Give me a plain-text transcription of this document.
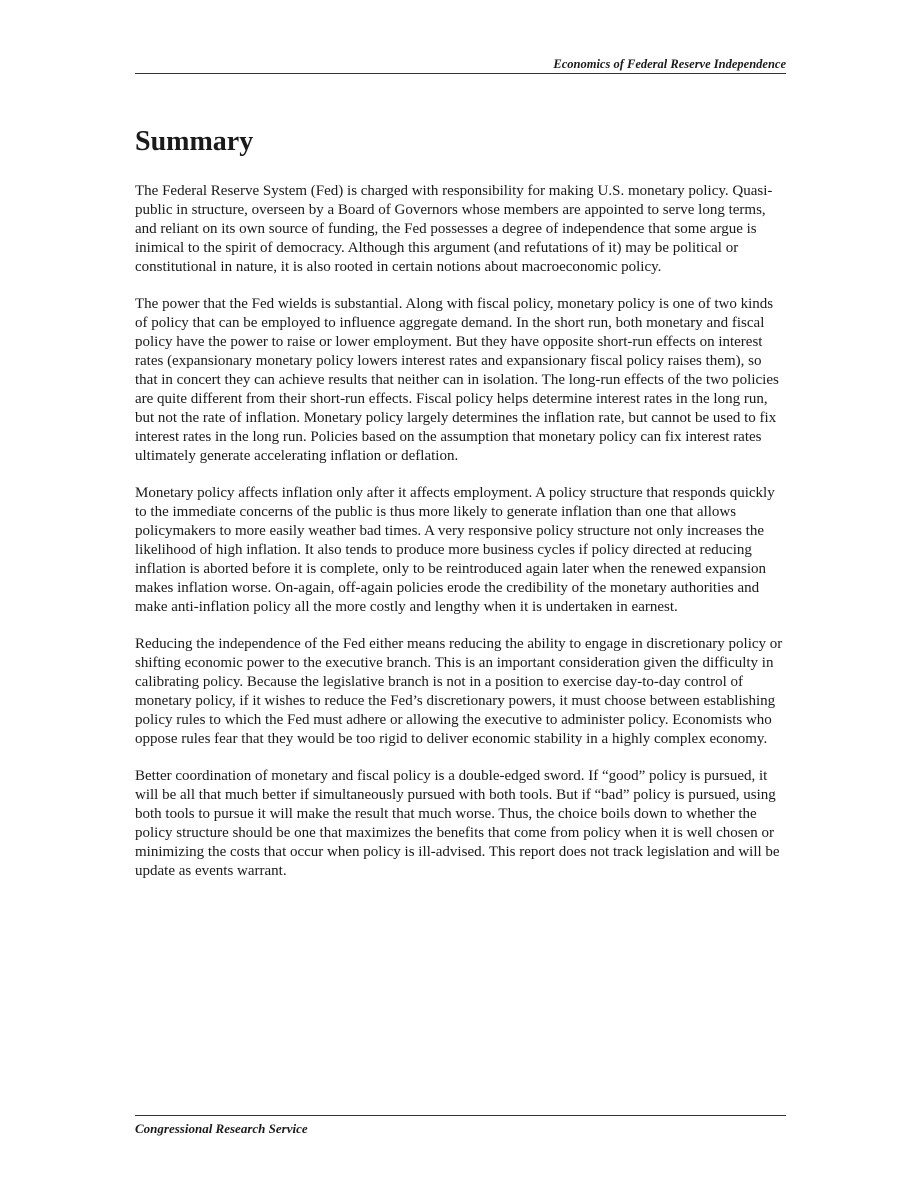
Economics of Federal Reserve Independence
Summary

The Federal Reserve System (Fed) is charged with responsibility for making U.S. monetary policy. Quasi-public in structure, overseen by a Board of Governors whose members are appointed to serve long terms, and reliant on its own source of funding, the Fed possesses a degree of independence that some argue is inimical to the spirit of democracy. Although this argument (and refutations of it) may be political or constitutional in nature, it is also rooted in certain notions about macroeconomic policy.

The power that the Fed wields is substantial. Along with fiscal policy, monetary policy is one of two kinds of policy that can be employed to influence aggregate demand. In the short run, both monetary and fiscal policy have the power to raise or lower employment. But they have opposite short-run effects on interest rates (expansionary monetary policy lowers interest rates and expansionary fiscal policy raises them), so that in concert they can achieve results that neither can in isolation. The long-run effects of the two policies are quite different from their short-run effects. Fiscal policy helps determine interest rates in the long run, but not the rate of inflation. Monetary policy largely determines the inflation rate, but cannot be used to fix interest rates in the long run. Policies based on the assumption that monetary policy can fix interest rates ultimately generate accelerating inflation or deflation.

Monetary policy affects inflation only after it affects employment. A policy structure that responds quickly to the immediate concerns of the public is thus more likely to generate inflation than one that allows policymakers to more easily weather bad times. A very responsive policy structure not only increases the likelihood of high inflation. It also tends to produce more business cycles if policy directed at reducing inflation is aborted before it is complete, only to be reintroduced again later when the renewed expansion makes inflation worse. On-again, off-again policies erode the credibility of the monetary authorities and make anti-inflation policy all the more costly and lengthy when it is undertaken in earnest.

Reducing the independence of the Fed either means reducing the ability to engage in discretionary policy or shifting economic power to the executive branch. This is an important consideration given the difficulty in calibrating policy. Because the legislative branch is not in a position to exercise day-to-day control of monetary policy, if it wishes to reduce the Fed’s discretionary powers, it must choose between establishing policy rules to which the Fed must adhere or allowing the executive to administer policy. Economists who oppose rules fear that they would be too rigid to deliver economic stability in a highly complex economy.

Better coordination of monetary and fiscal policy is a double-edged sword. If “good” policy is pursued, it will be all that much better if simultaneously pursued with both tools. But if “bad” policy is pursued, using both tools to pursue it will make the result that much worse. Thus, the choice boils down to whether the policy structure should be one that maximizes the benefits that come from policy when it is well chosen or minimizing the costs that occur when policy is ill-advised. This report does not track legislation and will be update as events warrant.

Congressional Research Service
